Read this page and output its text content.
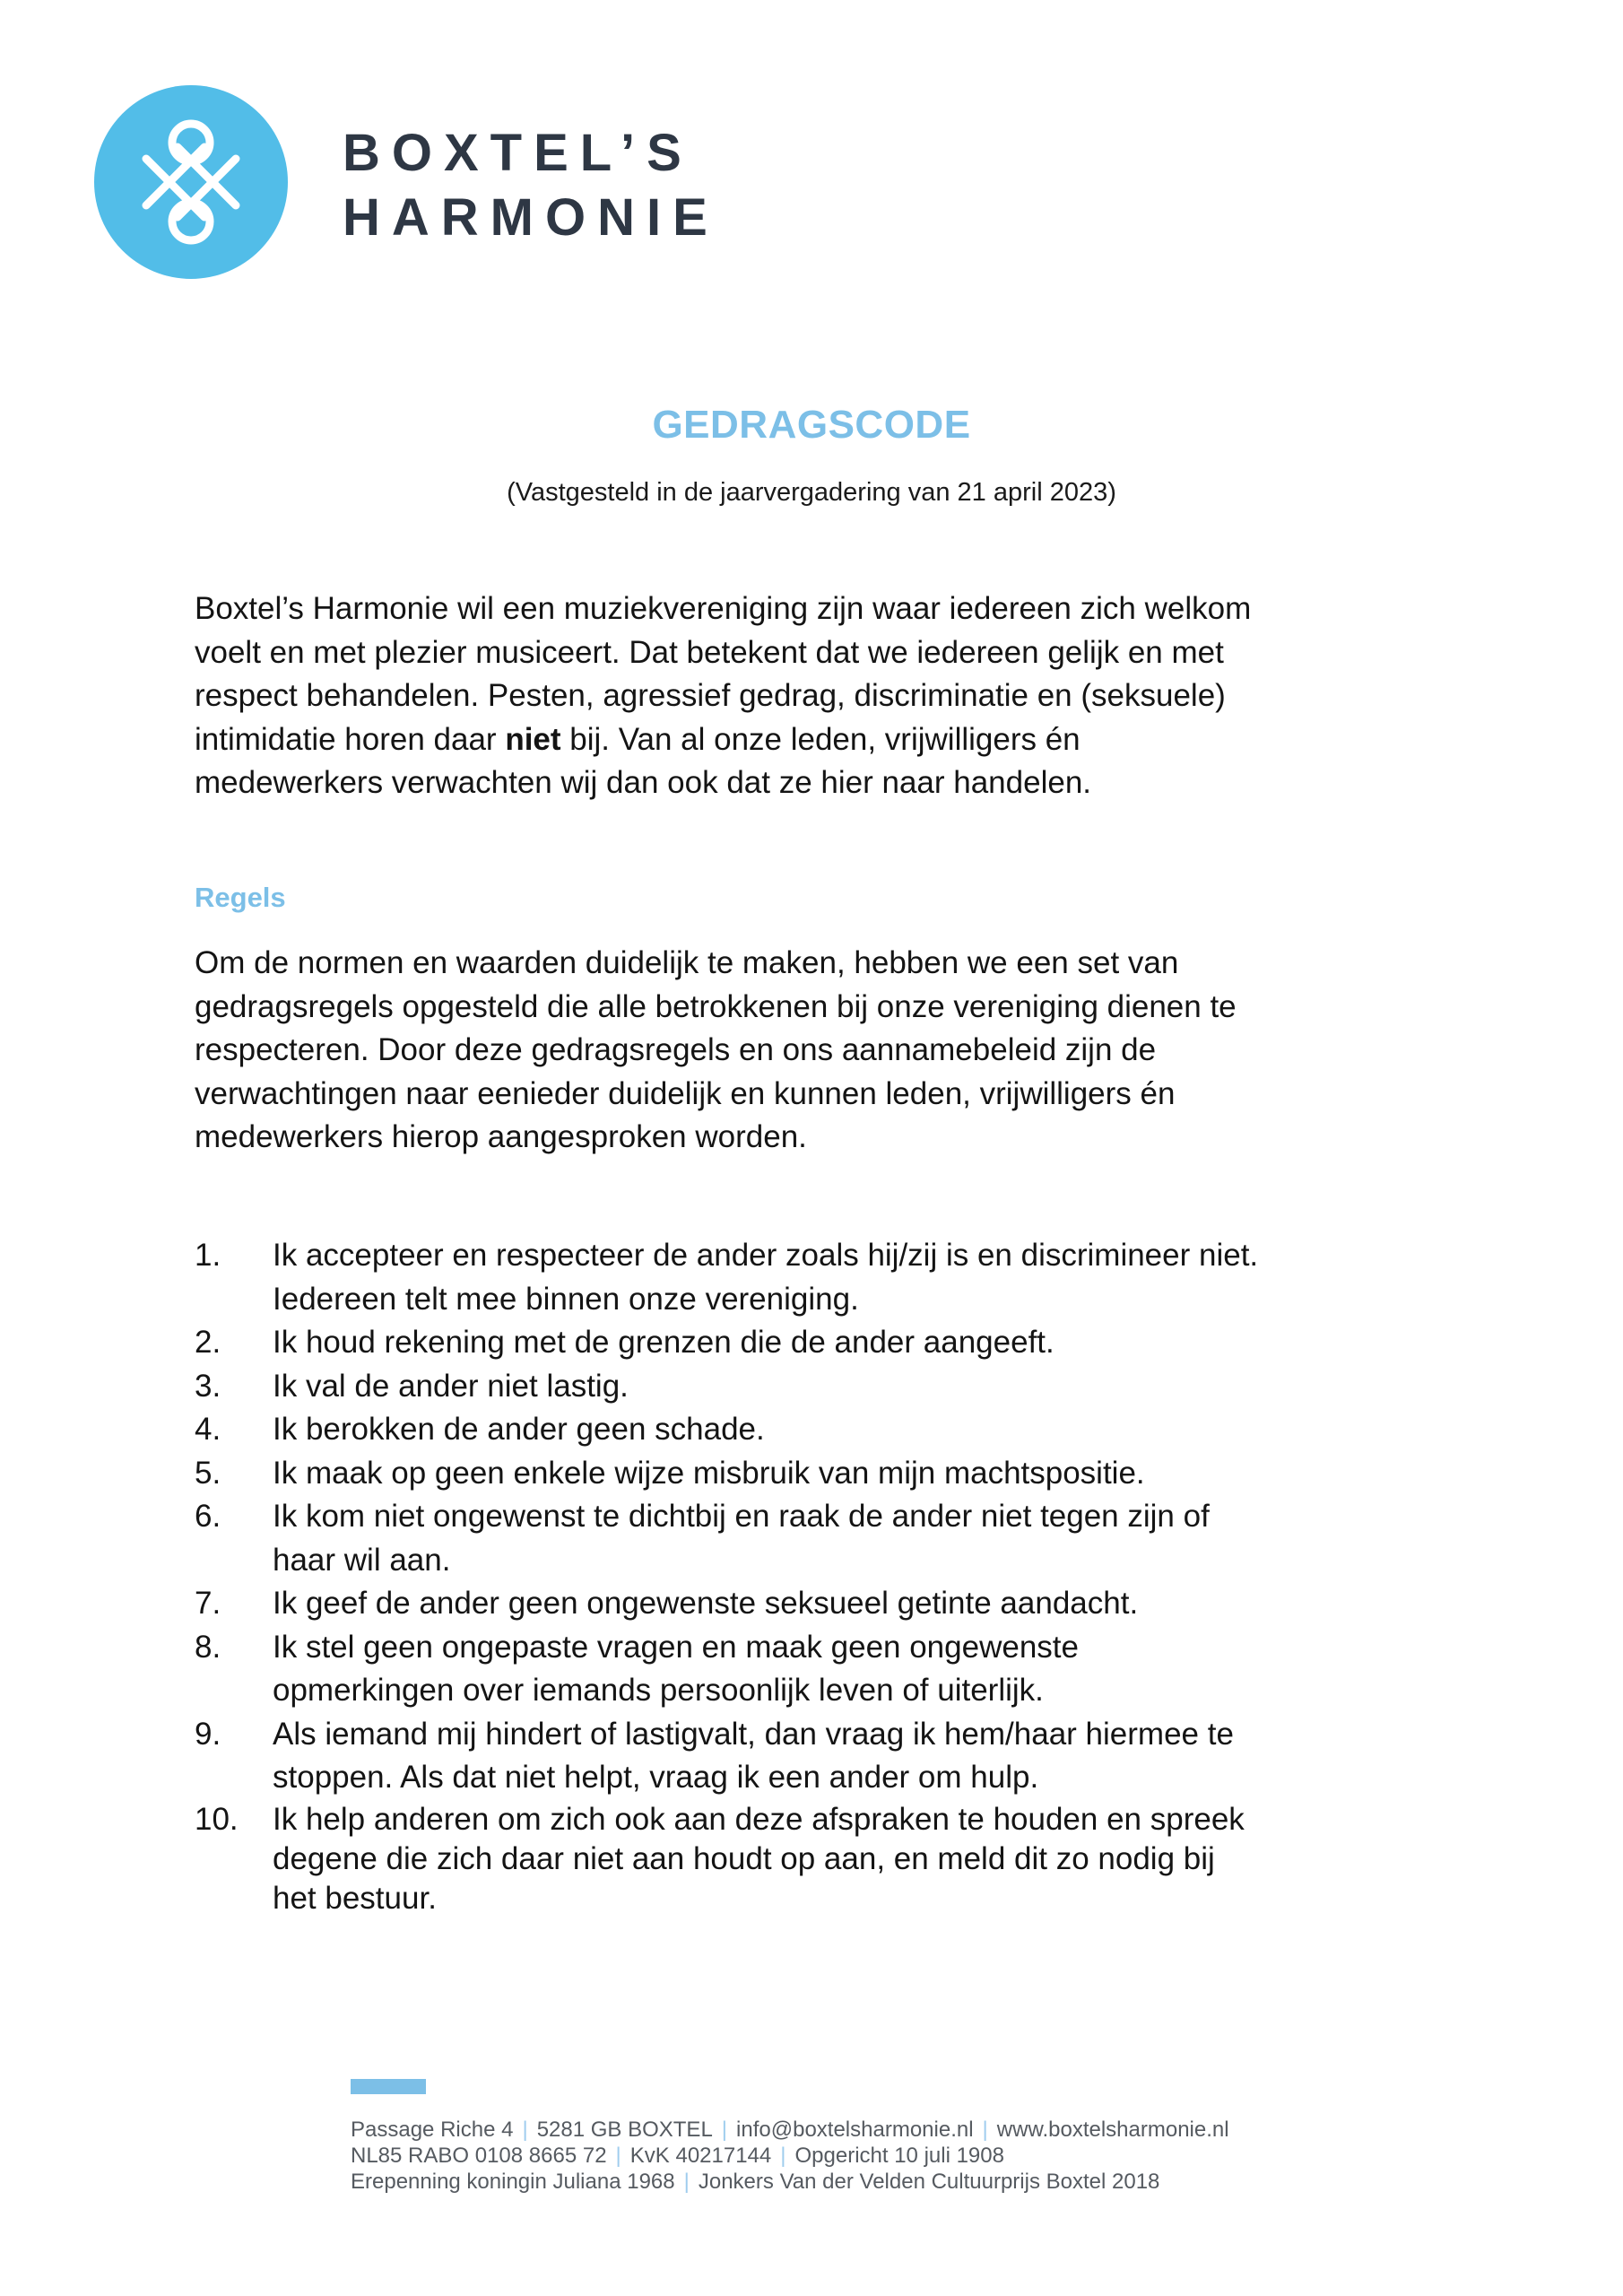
BOXTEL’S
HARMONIE
GEDRAGSCODE
(Vastgesteld in de jaarvergadering van 21 april 2023)
Boxtel’s Harmonie wil een muziekvereniging zijn waar iedereen zich welkom
voelt en met plezier musiceert. Dat betekent dat we iedereen gelijk en met
respect behandelen. Pesten, agressief gedrag, discriminatie en (seksuele)
intimidatie horen daar niet bij. Van al onze leden, vrijwilligers én
medewerkers verwachten wij dan ook dat ze hier naar handelen.
Regels
Om de normen en waarden duidelijk te maken, hebben we een set van
gedragsregels opgesteld die alle betrokkenen bij onze vereniging dienen te
respecteren. Door deze gedragsregels en ons aannamebeleid zijn de
verwachtingen naar eenieder duidelijk en kunnen leden, vrijwilligers én
medewerkers hierop aangesproken worden.
1. Ik accepteer en respecteer de ander zoals hij/zij is en discrimineer niet.
Iedereen telt mee binnen onze vereniging.
2. Ik houd rekening met de grenzen die de ander aangeeft.
3. Ik val de ander niet lastig.
4. Ik berokken de ander geen schade.
5. Ik maak op geen enkele wijze misbruik van mijn machtspositie.
6. Ik kom niet ongewenst te dichtbij en raak de ander niet tegen zijn of
haar wil aan.
7. Ik geef de ander geen ongewenste seksueel getinte aandacht.
8. Ik stel geen ongepaste vragen en maak geen ongewenste
opmerkingen over iemands persoonlijk leven of uiterlijk.
9. Als iemand mij hindert of lastigvalt, dan vraag ik hem/haar hiermee te
stoppen. Als dat niet helpt, vraag ik een ander om hulp.
10. Ik help anderen om zich ook aan deze afspraken te houden en spreek
degene die zich daar niet aan houdt op aan, en meld dit zo nodig bij
het bestuur.
Passage Riche 4 | 5281 GB BOXTEL | info@boxtelsharmonie.nl | www.boxtelsharmonie.nl
NL85 RABO 0108 8665 72 | KvK 40217144 | Opgericht 10 juli 1908
Erepenning koningin Juliana 1968 | Jonkers Van der Velden Cultuurprijs Boxtel 2018
